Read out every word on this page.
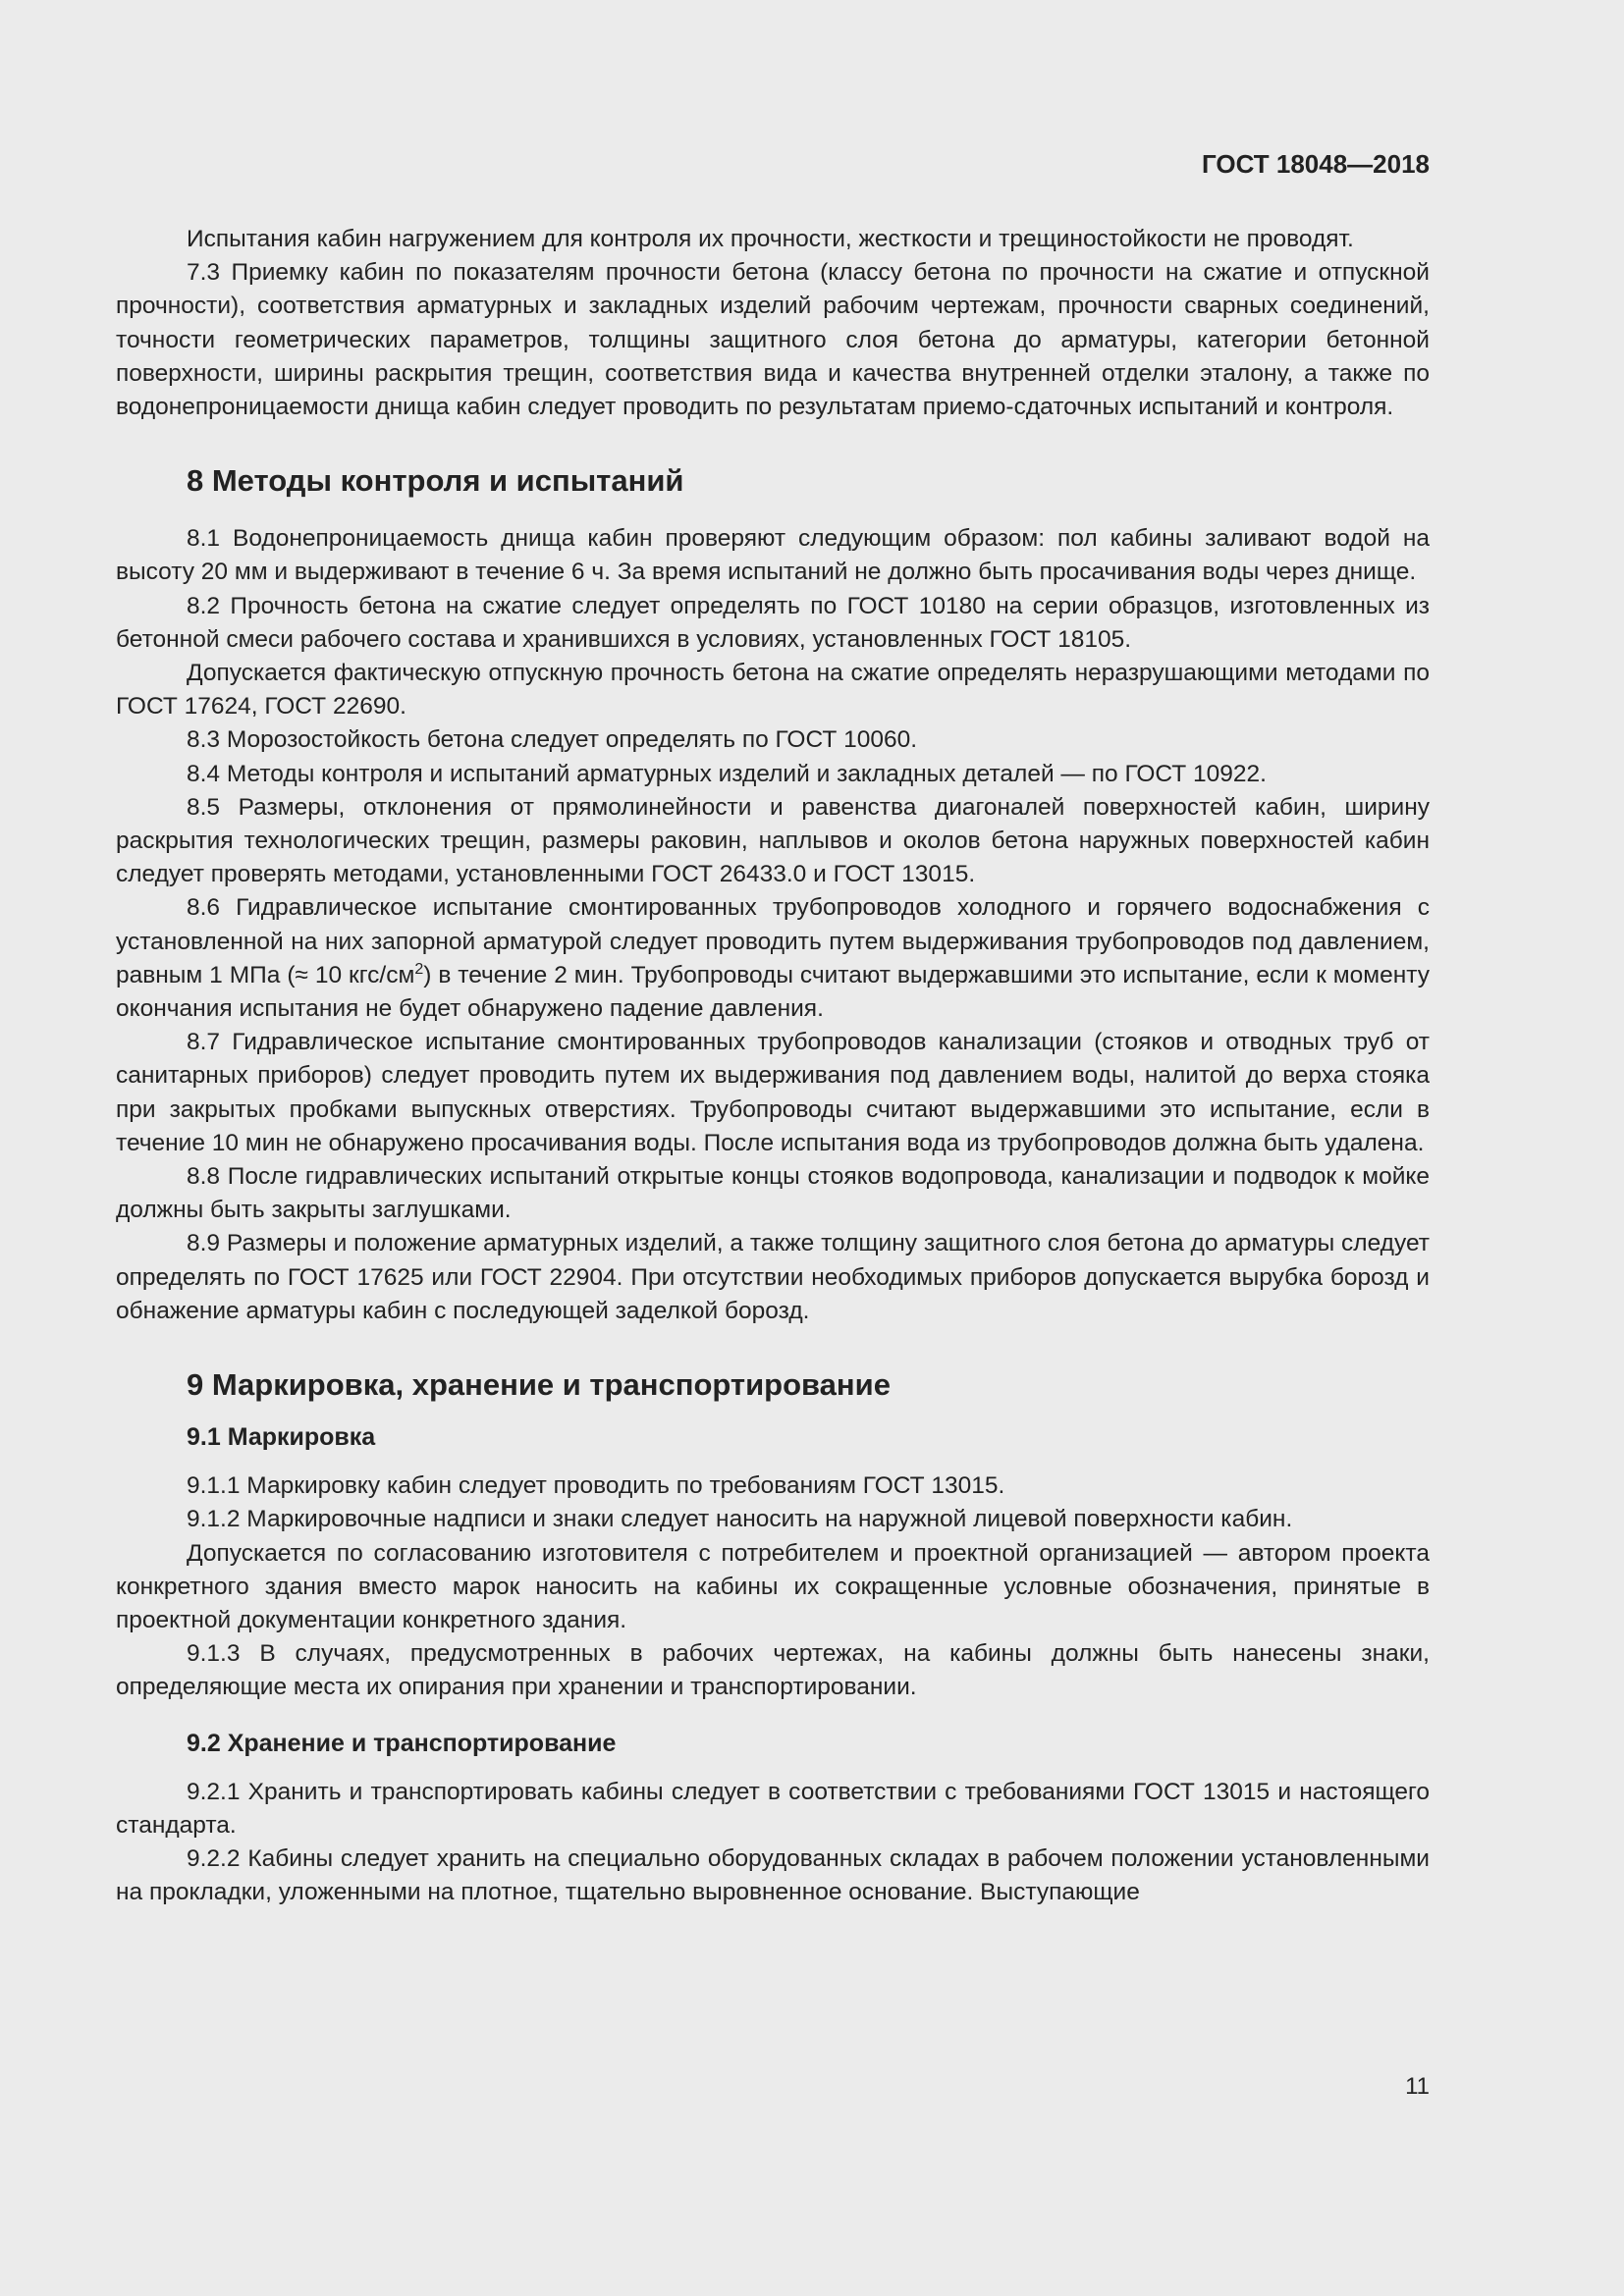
ГОСТ 18048—2018

Испытания кабин нагружением для контроля их прочности, жесткости и трещиностойкости не проводят.

7.3 Приемку кабин по показателям прочности бетона (классу бетона по прочности на сжатие и отпускной прочности), соответствия арматурных и закладных изделий рабочим чертежам, прочности сварных соединений, точности геометрических параметров, толщины защитного слоя бетона до арматуры, категории бетонной поверхности, ширины раскрытия трещин, соответствия вида и качества внутренней отделки эталону, а также по водонепроницаемости днища кабин следует проводить по результатам приемо-сдаточных испытаний и контроля.

8 Методы контроля и испытаний

8.1 Водонепроницаемость днища кабин проверяют следующим образом: пол кабины заливают водой на высоту 20 мм и выдерживают в течение 6 ч. За время испытаний не должно быть просачивания воды через днище.

8.2 Прочность бетона на сжатие следует определять по ГОСТ 10180 на серии образцов, изготовленных из бетонной смеси рабочего состава и хранившихся в условиях, установленных ГОСТ 18105.

Допускается фактическую отпускную прочность бетона на сжатие определять неразрушающими методами по ГОСТ 17624, ГОСТ 22690.

8.3 Морозостойкость бетона следует определять по ГОСТ 10060.

8.4 Методы контроля и испытаний арматурных изделий и закладных деталей — по ГОСТ 10922.

8.5 Размеры, отклонения от прямолинейности и равенства диагоналей поверхностей кабин, ширину раскрытия технологических трещин, размеры раковин, наплывов и околов бетона наружных поверхностей кабин следует проверять методами, установленными ГОСТ 26433.0 и ГОСТ 13015.

8.6 Гидравлическое испытание смонтированных трубопроводов холодного и горячего водоснабжения с установленной на них запорной арматурой следует проводить путем выдерживания трубопроводов под давлением, равным 1 МПа (≈ 10 кгс/$см^2$) в течение 2 мин. Трубопроводы считают выдержавшими это испытание, если к моменту окончания испытания не будет обнаружено падение давления.

8.7 Гидравлическое испытание смонтированных трубопроводов канализации (стояков и отводных труб от санитарных приборов) следует проводить путем их выдерживания под давлением воды, налитой до верха стояка при закрытых пробками выпускных отверстиях. Трубопроводы считают выдержавшими это испытание, если в течение 10 мин не обнаружено просачивания воды. После испытания вода из трубопроводов должна быть удалена.

8.8 После гидравлических испытаний открытые концы стояков водопровода, канализации и подводок к мойке должны быть закрыты заглушками.

8.9 Размеры и положение арматурных изделий, а также толщину защитного слоя бетона до арматуры следует определять по ГОСТ 17625 или ГОСТ 22904. При отсутствии необходимых приборов допускается вырубка борозд и обнажение арматуры кабин с последующей заделкой борозд.

9 Маркировка, хранение и транспортирование
9.1 Маркировка

9.1.1 Маркировку кабин следует проводить по требованиям ГОСТ 13015.

9.1.2 Маркировочные надписи и знаки следует наносить на наружной лицевой поверхности кабин.

Допускается по согласованию изготовителя с потребителем и проектной организацией — автором проекта конкретного здания вместо марок наносить на кабины их сокращенные условные обозначения, принятые в проектной документации конкретного здания.

9.1.3 В случаях, предусмотренных в рабочих чертежах, на кабины должны быть нанесены знаки, определяющие места их опирания при хранении и транспортировании.

9.2 Хранение и транспортирование

9.2.1 Хранить и транспортировать кабины следует в соответствии с требованиями ГОСТ 13015 и настоящего стандарта.

9.2.2 Кабины следует хранить на специально оборудованных складах в рабочем положении установленными на прокладки, уложенными на плотное, тщательно выровненное основание. Выступающие

11
